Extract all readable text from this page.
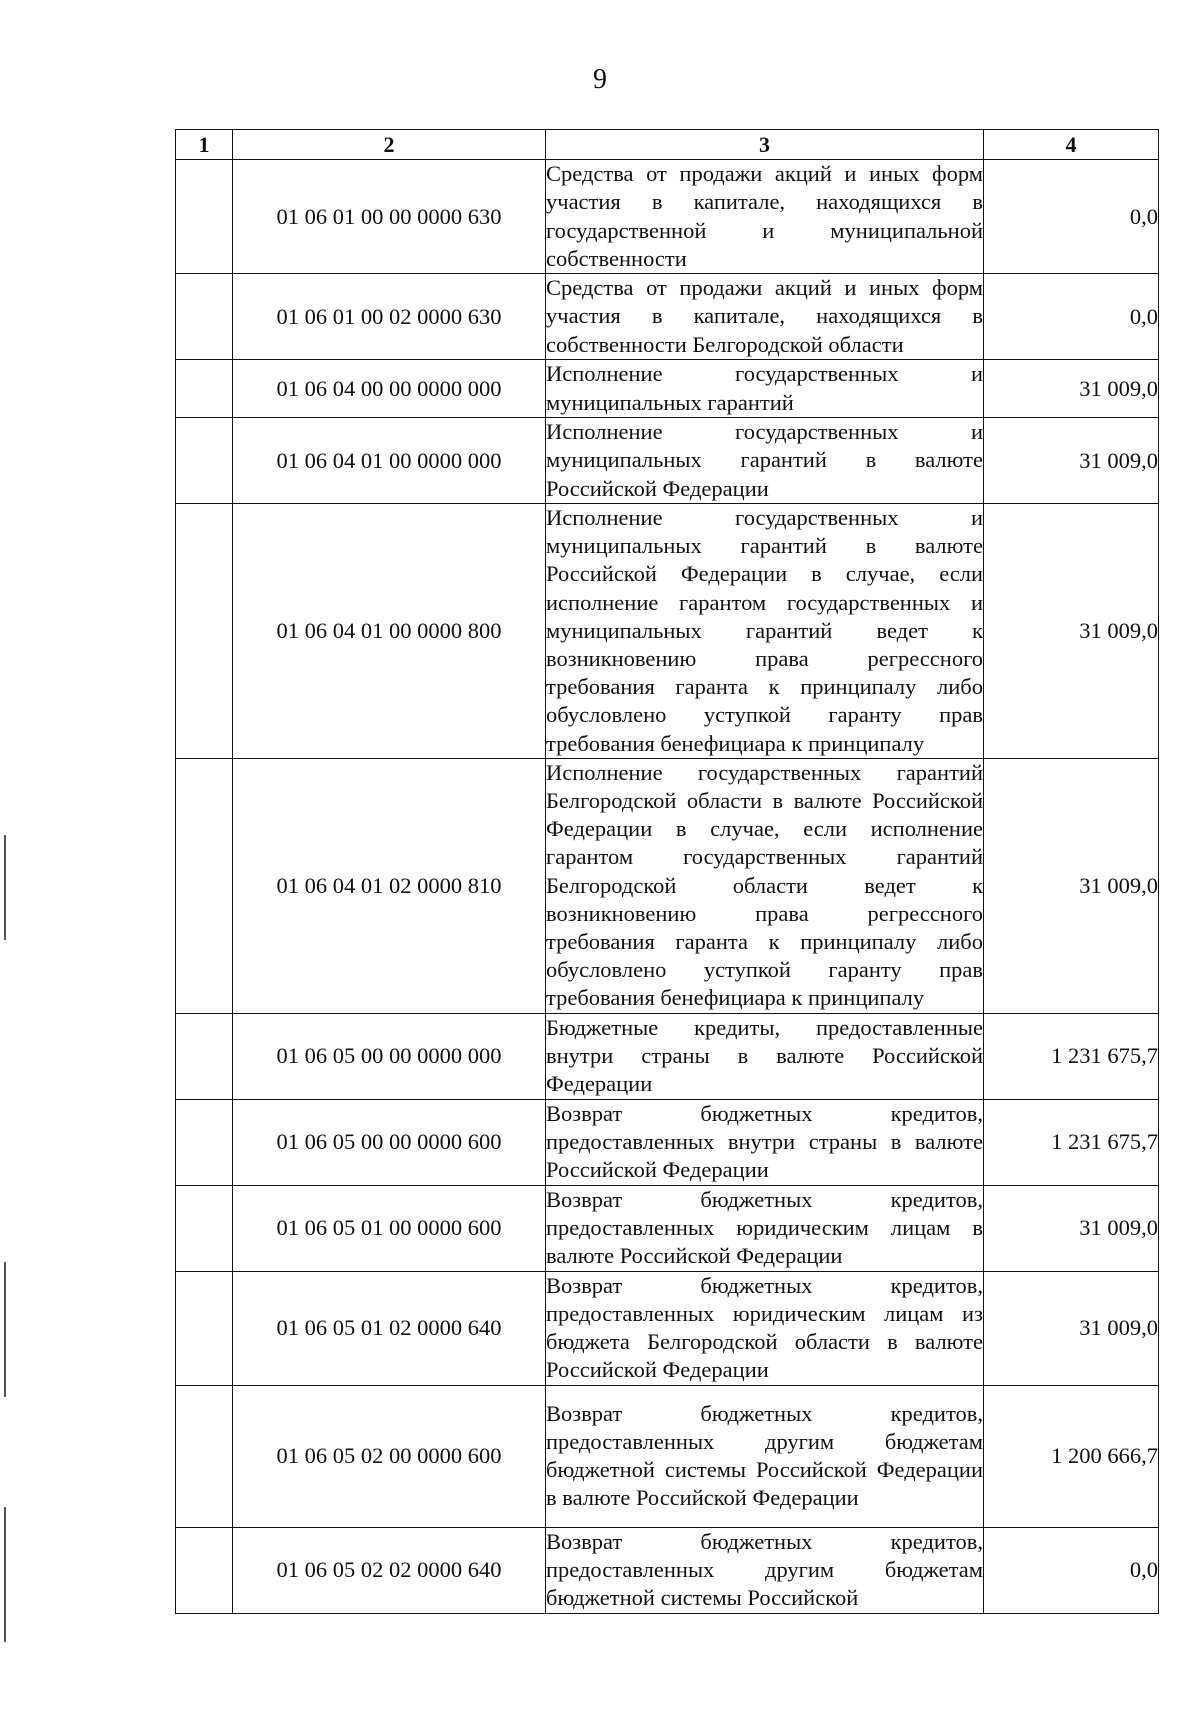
9
1	2	3	4
	01 06 01 00 00 0000 630	Средства от продажи акций и иных форм участия в капитале, находящихся в государственной и муниципальной собственности	0,0
	01 06 01 00 02 0000 630	Средства от продажи акций и иных форм участия в капитале, находящихся в собственности Белгородской области	0,0
	01 06 04 00 00 0000 000	Исполнение государственных и муниципальных гарантий	31 009,0
	01 06 04 01 00 0000 000	Исполнение государственных и муниципальных гарантий в валюте Российской Федерации	31 009,0
	01 06 04 01 00 0000 800	Исполнение государственных и муниципальных гарантий в валюте Российской Федерации в случае, если исполнение гарантом государственных и муниципальных гарантий ведет к возникновению права регрессного требования гаранта к принципалу либо обусловлено уступкой гаранту прав требования бенефициара к принципалу	31 009,0
	01 06 04 01 02 0000 810	Исполнение государственных гарантий Белгородской области в валюте Российской Федерации в случае, если исполнение гарантом государственных гарантий Белгородской области ведет к возникновению права регрессного требования гаранта к принципалу либо обусловлено уступкой гаранту прав требования бенефициара к принципалу	31 009,0
	01 06 05 00 00 0000 000	Бюджетные кредиты, предоставленные внутри страны в валюте Российской Федерации	1 231 675,7
	01 06 05 00 00 0000 600	Возврат бюджетных кредитов, предоставленных внутри страны в валюте Российской Федерации	1 231 675,7
	01 06 05 01 00 0000 600	Возврат бюджетных кредитов, предоставленных юридическим лицам в валюте Российской Федерации	31 009,0
	01 06 05 01 02 0000 640	Возврат бюджетных кредитов, предоставленных юридическим лицам из бюджета Белгородской области в валюте Российской Федерации	31 009,0
	01 06 05 02 00 0000 600	Возврат бюджетных кредитов, предоставленных другим бюджетам бюджетной системы Российской Федерации в валюте Российской Федерации	1 200 666,7
	01 06 05 02 02 0000 640	Возврат бюджетных кредитов, предоставленных другим бюджетам бюджетной системы Российской	0,0
